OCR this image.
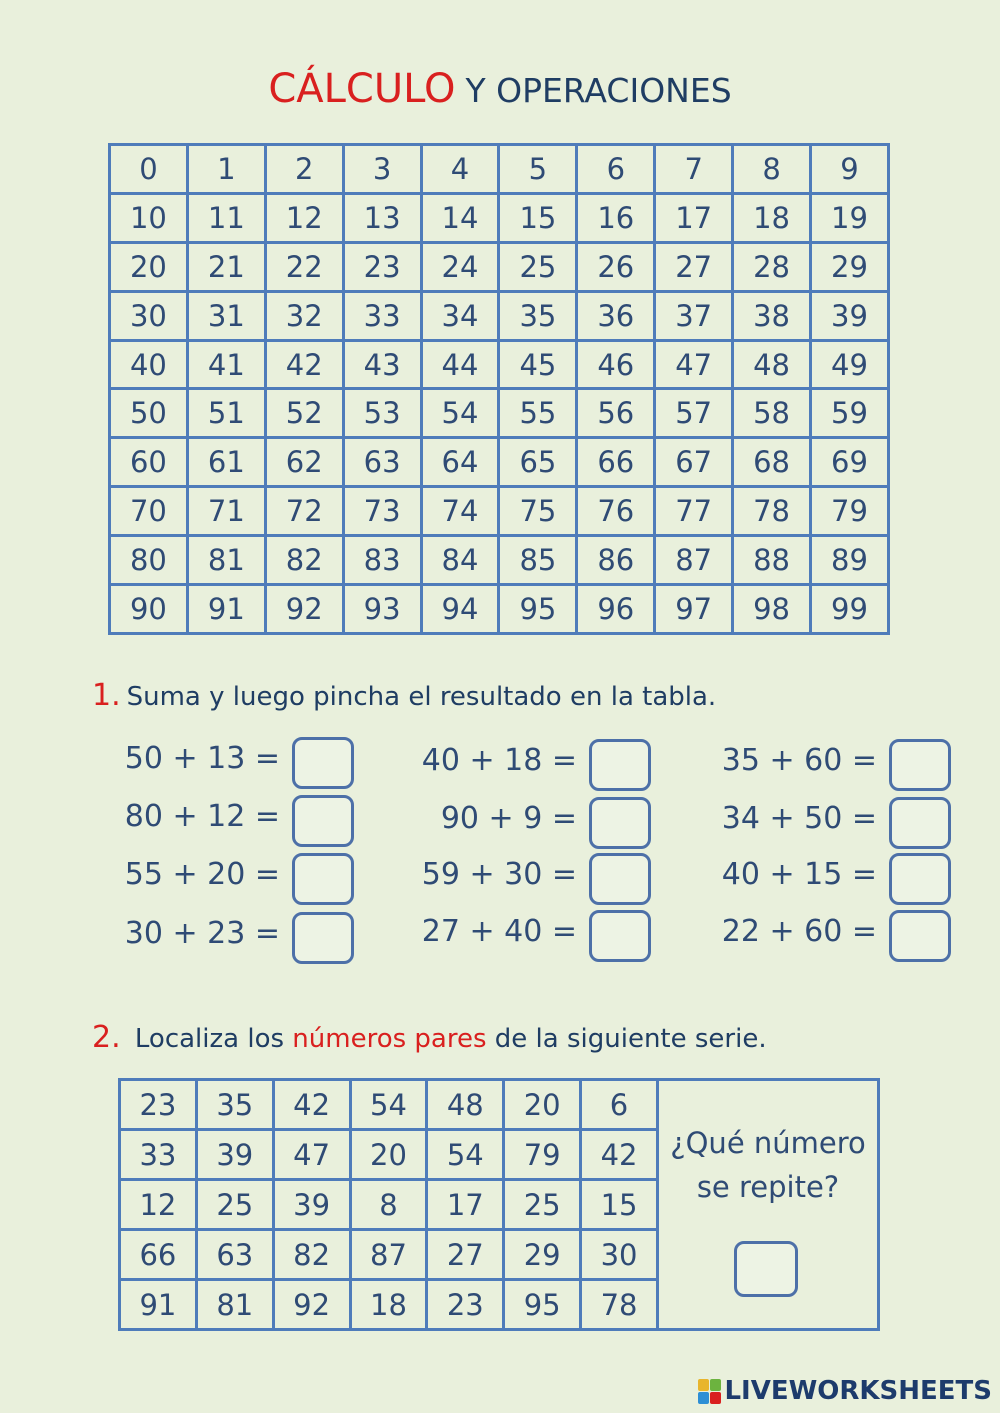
CÁLCULO Y OPERACIONES
0	1	2	3	4	5	6	7	8	9
10	11	12	13	14	15	16	17	18	19
20	21	22	23	24	25	26	27	28	29
30	31	32	33	34	35	36	37	38	39
40	41	42	43	44	45	46	47	48	49
50	51	52	53	54	55	56	57	58	59
60	61	62	63	64	65	66	67	68	69
70	71	72	73	74	75	76	77	78	79
80	81	82	83	84	85	86	87	88	89
90	91	92	93	94	95	96	97	98	99
1. Suma y luego pincha el resultado en la tabla.
50 + 13 =
80 + 12 =
55 + 20 =
30 + 23 =
40 + 18 =
90 + 9 =
59 + 30 =
27 + 40 =
35 + 60 =
34 + 50 =
40 + 15 =
22 + 60 =
2. Localiza los números pares de la siguiente serie.
23	35	42	54	48	20	6	¿Qué número
se repite?

33	39	47	20	54	79	42	
12	25	39	8	17	25	15	
66	63	82	87	27	29	30	
91	81	92	18	23	95	78	
LIVEWORKSHEETS
